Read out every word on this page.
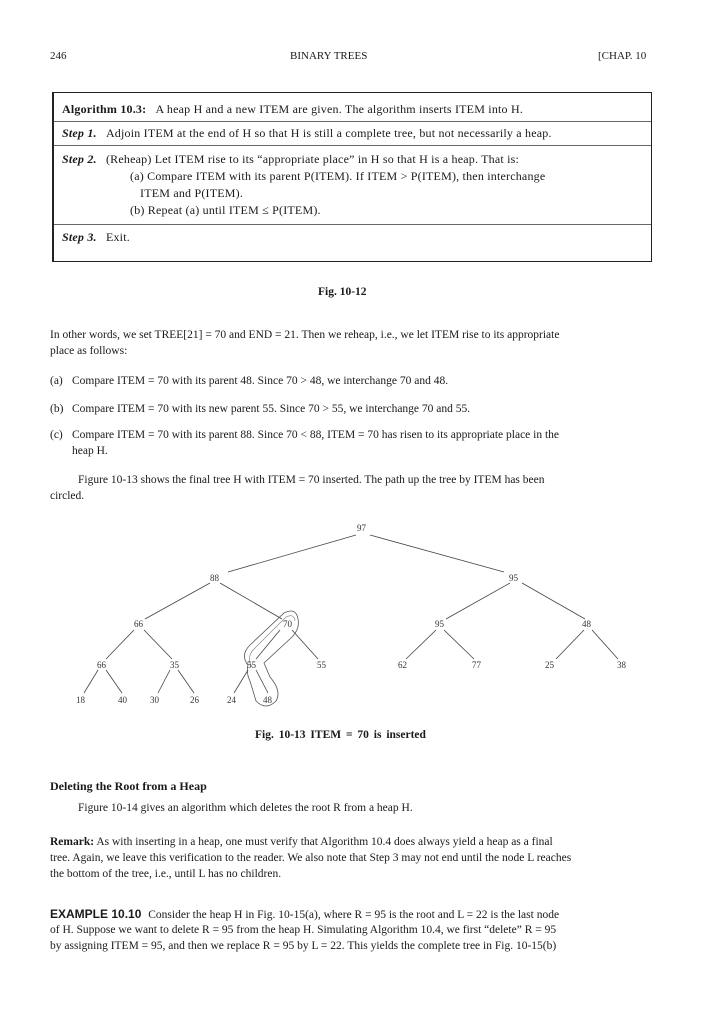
246	BINARY TREES	[CHAP. 10
Algorithm 10.3: A heap H and a new ITEM are given. The algorithm inserts ITEM into H.
Step 1. Adjoin ITEM at the end of H so that H is still a complete tree, but not necessarily a heap.
Step 2. (Reheap) Let ITEM rise to its “appropriate place” in H so that H is a heap. That is:
(a) Compare ITEM with its parent P(ITEM). If ITEM > P(ITEM), then interchange
ITEM and P(ITEM).
(b) Repeat (a) until ITEM ≤ P(ITEM).
Step 3. Exit.
Fig. 10-12
In other words, we set TREE[21] = 70 and END = 21. Then we reheap, i.e., we let ITEM rise to its appropriate
place as follows:
(a) Compare ITEM = 70 with its parent 48. Since 70 > 48, we interchange 70 and 48.
(b) Compare ITEM = 70 with its new parent 55. Since 70 > 55, we interchange 70 and 55.
(c) Compare ITEM = 70 with its parent 88. Since 70 < 88, ITEM = 70 has risen to its appropriate place in the
heap H.
Figure 10-13 shows the final tree H with ITEM = 70 inserted. The path up the tree by ITEM has been
circled.
97
88	95
66	70	95	48
66	35	55	55	62	77	25	38
18	40	30	26	24	48
Fig. 10-13 ITEM = 70 is inserted
Deleting the Root from a Heap
Figure 10-14 gives an algorithm which deletes the root R from a heap H.
Remark: As with inserting in a heap, one must verify that Algorithm 10.4 does always yield a heap as a final
tree. Again, we leave this verification to the reader. We also note that Step 3 may not end until the node L reaches
the bottom of the tree, i.e., until L has no children.
EXAMPLE 10.10 Consider the heap H in Fig. 10-15(a), where R = 95 is the root and L = 22 is the last node
of H. Suppose we want to delete R = 95 from the heap H. Simulating Algorithm 10.4, we first “delete” R = 95
by assigning ITEM = 95, and then we replace R = 95 by L = 22. This yields the complete tree in Fig. 10-15(b)
